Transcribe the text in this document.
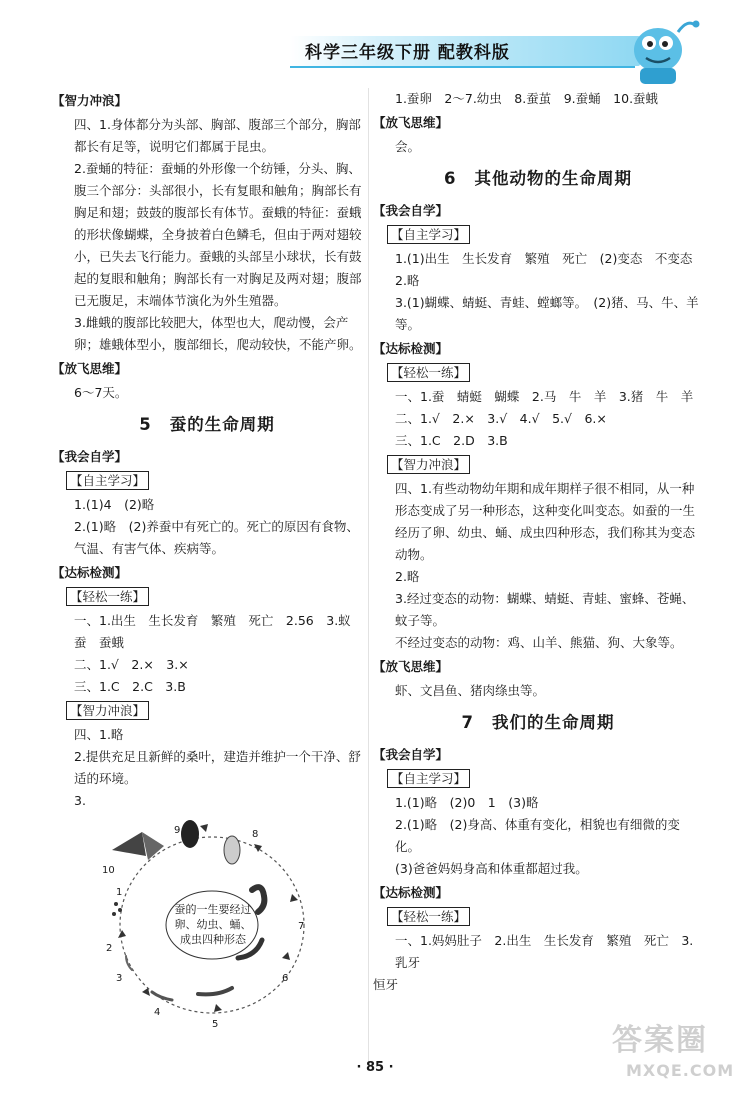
科学三年级下册 配教科版

【智力冲浪】

四、1.身体都分为头部、胸部、腹部三个部分，胸部都长有足等，说明它们都属于昆虫。

2.蚕蛹的特征：蚕蛹的外形像一个纺锤，分头、胸、腹三个部分：头部很小，长有复眼和触角；胸部长有胸足和翅；鼓鼓的腹部长有体节。蚕蛾的特征：蚕蛾的形状像蝴蝶，全身披着白色鳞毛，但由于两对翅较小，已失去飞行能力。蚕蛾的头部呈小球状，长有鼓起的复眼和触角；胸部长有一对胸足及两对翅；腹部已无腹足，末端体节演化为外生殖器。

3.雌蛾的腹部比较肥大，体型也大，爬动慢，会产卵；雄蛾体型小，腹部细长，爬动较快，不能产卵。

【放飞思维】

6～7天。

5 蚕的生命周期

【我会自学】

【自主学习】

1.(1)4　(2)略

2.(1)略　(2)养蚕中有死亡的。死亡的原因有食物、气温、有害气体、疾病等。

【达标检测】

【轻松一练】

一、1.出生　生长发育　繁殖　死亡　2.56　3.蚁蚕　蚕蛾

二、1.√　2.×　3.×

三、1.C　2.C　3.B

【智力冲浪】

四、1.略

2.提供充足且新鲜的桑叶，建造并维护一个干净、舒适的环境。

3.

蚕的一生要经过卵、幼虫、蛹、成虫四种形态
1
2
3
4
5
6
7
8
9
10

1.蚕卵　2～7.幼虫　8.蚕茧　9.蚕蛹　10.蚕蛾

【放飞思维】

会。

6 其他动物的生命周期

【我会自学】

【自主学习】

1.(1)出生　生长发育　繁殖　死亡　(2)变态　不变态

2.略

3.(1)蝴蝶、蜻蜓、青蛙、螳螂等。　(2)猪、马、牛、羊等。

【达标检测】

【轻松一练】

一、1.蚕　蜻蜓　蝴蝶　2.马　牛　羊　3.猪　牛　羊

二、1.√　2.×　3.√　4.√　5.√　6.×

三、1.C　2.D　3.B

【智力冲浪】

四、1.有些动物幼年期和成年期样子很不相同，从一种形态变成了另一种形态，这种变化叫变态。如蚕的一生经历了卵、幼虫、蛹、成虫四种形态，我们称其为变态动物。

2.略

3.经过变态的动物：蝴蝶、蜻蜓、青蛙、蜜蜂、苍蝇、蚊子等。

不经过变态的动物：鸡、山羊、熊猫、狗、大象等。

【放飞思维】

虾、文昌鱼、猪肉绦虫等。

7 我们的生命周期

【我会自学】

【自主学习】

1.(1)略　(2)0　1　(3)略

2.(1)略　(2)身高、体重有变化，相貌也有细微的变化。

(3)爸爸妈妈身高和体重都超过我。

【达标检测】

【轻松一练】

一、1.妈妈肚子　2.出生　生长发育　繁殖　死亡　3.乳牙

恒牙

· 85 ·
答案圈
MXQE.COM
